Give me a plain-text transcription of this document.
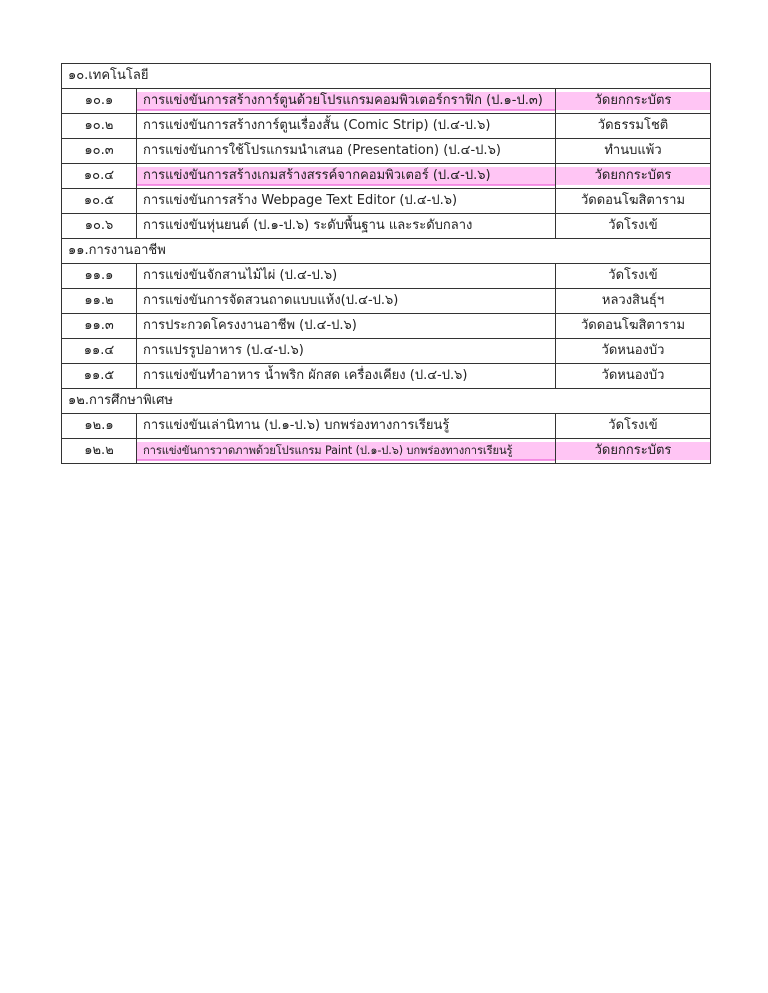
๑๐.เทคโนโลยี		
๑๐.๑	การแข่งขันการสร้างการ์ตูนด้วยโปรแกรมคอมพิวเตอร์กราฟิก (ป.๑-ป.๓)	วัดยกกระบัตร
๑๐.๒	การแข่งขันการสร้างการ์ตูนเรื่องสั้น (Comic Strip) (ป.๔-ป.๖)	วัดธรรมโชติ
๑๐.๓	การแข่งขันการใช้โปรแกรมนำเสนอ (Presentation) (ป.๔-ป.๖)	ทำนบแพ้ว
๑๐.๔	การแข่งขันการสร้างเกมสร้างสรรค์จากคอมพิวเตอร์ (ป.๔-ป.๖)	วัดยกกระบัตร
๑๐.๕	การแข่งขันการสร้าง Webpage Text Editor (ป.๔-ป.๖)	วัดดอนโฆสิตาราม
๑๐.๖	การแข่งขันหุ่นยนต์ (ป.๑-ป.๖) ระดับพื้นฐาน และระดับกลาง	วัดโรงเข้
๑๑.การงานอาชีพ		
๑๑.๑	การแข่งขันจักสานไม้ไผ่ (ป.๔-ป.๖)	วัดโรงเข้
๑๑.๒	การแข่งขันการจัดสวนถาดแบบแห้ง(ป.๔-ป.๖)	หลวงสินธุ์ฯ
๑๑.๓	การประกวดโครงงานอาชีพ (ป.๔-ป.๖)	วัดดอนโฆสิตาราม
๑๑.๔	การแปรรูปอาหาร (ป.๔-ป.๖)	วัดหนองบัว
๑๑.๕	การแข่งขันทำอาหาร น้ำพริก ผักสด เครื่องเคียง (ป.๔-ป.๖)	วัดหนองบัว
๑๒.การศึกษาพิเศษ		
๑๒.๑	การแข่งขันเล่านิทาน (ป.๑-ป.๖) บกพร่องทางการเรียนรู้	วัดโรงเข้
๑๒.๒	การแข่งขันการวาดภาพด้วยโปรแกรม Paint (ป.๑-ป.๖) บกพร่องทางการเรียนรู้	วัดยกกระบัตร
